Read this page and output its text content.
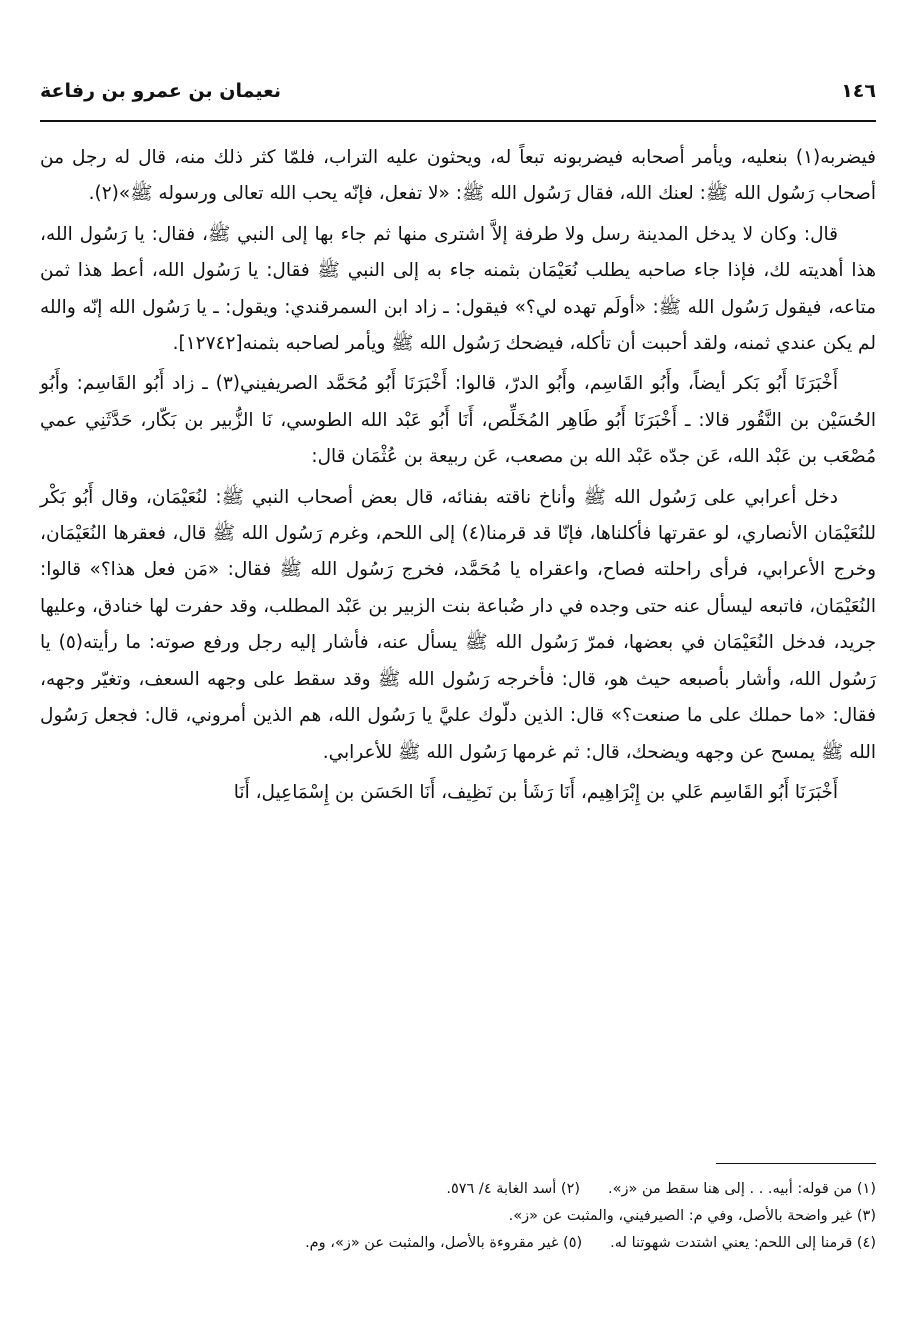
١٤٦
نعيمان بن عمرو بن رفاعة

فيضربه(١) بنعليه، ويأمر أصحابه فيضربونه تبعاً له، ويحثون عليه التراب، فلمّا كثر ذلك منه، قال له رجل من أصحاب رَسُول الله ﷺ: لعنك الله، فقال رَسُول الله ﷺ: «لا تفعل، فإنّه يحب الله تعالى ورسوله ﷺ»(٢).

قال: وكان لا يدخل المدينة رسل ولا طرفة إلاَّ اشترى منها ثم جاء بها إلى النبي ﷺ، فقال: يا رَسُول الله، هذا أهديته لك، فإذا جاء صاحبه يطلب نُعَيْمَان بثمنه جاء به إلى النبي ﷺ فقال: يا رَسُول الله، أعط هذا ثمن متاعه، فيقول رَسُول الله ﷺ: «أولَم تهده لي؟» فيقول: ـ زاد ابن السمرقندي: ويقول: ـ يا رَسُول الله إنّه والله لم يكن عندي ثمنه، ولقد أحببت أن تأكله، فيضحك رَسُول الله ﷺ ويأمر لصاحبه بثمنه[١٢٧٤٢].

أَخْبَرَنَا أَبُو بَكر أيضاً، وأَبُو القَاسِم، وأَبُو الدرّ، قالوا: أَخْبَرَنَا أَبُو مُحَمَّد الصريفيني(٣) ـ زاد أَبُو القَاسِم: وأَبُو الحُسَيْن بن النَّقُور قالا: ـ أَخْبَرَنَا أَبُو طَاهِر المُخَلِّص، أَنَا أَبُو عَبْد الله الطوسي، نَا الزُّبير بن بَكّار، حَدَّثَنِي عمي مُصْعَب بن عَبْد الله، عَن جدّه عَبْد الله بن مصعب، عَن ربيعة بن عُثْمَان قال:

دخل أعرابي على رَسُول الله ﷺ وأناخ ناقته بفنائه، قال بعض أصحاب النبي ﷺ: لنُعَيْمَان، وقال أَبُو بَكْر للنُعَيْمَان الأنصاري، لو عقرتها فأكلناها، فإنّا قد قرمنا(٤) إلى اللحم، وغرم رَسُول الله ﷺ قال، فعقرها النُعَيْمَان، وخرج الأعرابي، فرأى راحلته فصاح، واعقراه يا مُحَمَّد، فخرج رَسُول الله ﷺ فقال: «مَن فعل هذا؟» قالوا: النُعَيْمَان، فاتبعه ليسأل عنه حتى وجده في دار ضُباعة بنت الزبير بن عَبْد المطلب، وقد حفرت لها خنادق، وعليها جريد، فدخل النُعَيْمَان في بعضها، فمرّ رَسُول الله ﷺ يسأل عنه، فأشار إليه رجل ورفع صوته: ما رأيته(٥) يا رَسُول الله، وأشار بأصبعه حيث هو، قال: فأخرجه رَسُول الله ﷺ وقد سقط على وجهه السعف، وتغيّر وجهه، فقال: «ما حملك على ما صنعت؟» قال: الذين دلّوك عليَّ يا رَسُول الله، هم الذين أمروني، قال: فجعل رَسُول الله ﷺ يمسح عن وجهه ويضحك، قال: ثم غرمها رَسُول الله ﷺ للأعرابي.

أَخْبَرَنَا أَبُو القَاسِم عَلي بن إِبْرَاهِيم، أَنَا رَشَأ بن نَظِيف، أَنَا الحَسَن بن إِسْمَاعِيل، أَنَا

(١) من قوله: أبيه. . . إلى هنا سقط من «ز».
(٢) أسد الغابة ٤/ ٥٧٦.
(٣) غير واضحة بالأصل، وفي م: الصيرفيني، والمثبت عن «ز».
(٤) قرمنا إلى اللحم: يعني اشتدت شهوتنا له.
(٥) غير مقروءة بالأصل، والمثبت عن «ز»، وم.
